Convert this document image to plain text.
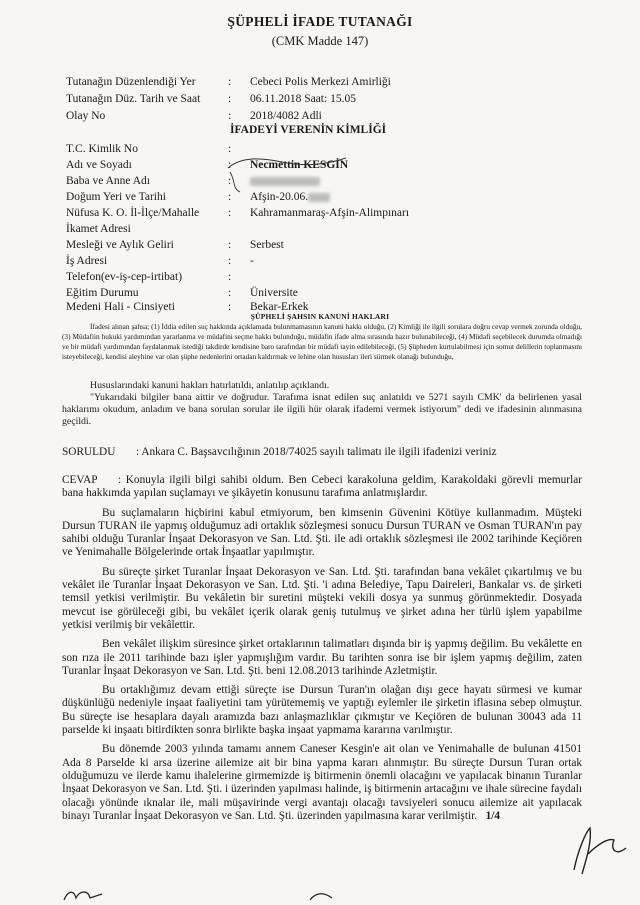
ŞÜPHELİ İFADE TUTANAĞI
(CMK Madde 147)
Tutanağın Düzenlendiği Yer	: Cebeci Polis Merkezi Amirliği
Tutanağın Düz. Tarih ve Saat : 06.11.2018 Saat: 15.05
Olay No	: 2018/4082 Adli
İFADEYİ VERENİN KİMLİĞİ
T.C. Kimlik No	:
Adı ve Soyadı	: Necmettin KESGİN
Baba ve Anne Adı	:
Doğum Yeri ve Tarihi	: Afşin-20.06.
Nüfusa K. O. İl-İlçe/Mahalle	: Kahramanmaraş-Afşin-Alimpınarı
İkamet Adresi
Mesleği ve Aylık Geliri	: Serbest
İş Adresi	: -
Telefon(ev-iş-cep-irtibat)	:
Eğitim Durumu	: Üniversite
Medeni Hali - Cinsiyeti	: Bekar-Erkek
ŞÜPHELİ ŞAHSIN KANUNİ HAKLARI
İfadesi alınan şahsa; (1) İddia edilen suç hakkında açıklamada bulunmamasının kanuni hakkı olduğu, (2) Kimliği ile ilgili sorulara doğru cevap vermek zorunda olduğu, (3) Müdafiin hukuki yardımından yararlanma ve müdafini seçme hakkı bulunduğu, müdafin ifade alma sırasında hazır bulunabileceği, (4) Müdafi seçebilecek durumda olmadığı ve bir müdafi yardımından faydalanmak istediği takdirde kendisine baro tarafından bir müdafi tayin edilebileceği, (5) Şüpheden kurtulabilmesi için somut delillerin toplanmasını isteyebileceği, kendisi aleyhine var olan şüphe nedenlerini ortadan kaldırmak ve lehine olan hususları ileri sürmek olanağı bulunduğu,
Hususlarındaki kanuni hakları hatırlatıldı, anlatılıp açıklandı.
"Yukarıdaki bilgiler bana aittir ve doğrudur. Tarafıma isnat edilen suç anlatıldı ve 5271 sayılı CMK' da belirlenen yasal haklarımı okudum, anladım ve bana sorulan sorular ile ilgili hür olarak ifademi vermek istiyorum" dedi ve ifadesinin alınmasına geçildi.
SORULDU : Ankara C. Başsavcılığının 2018/74025 sayılı talimatı ile ilgili ifadenizi veriniz

CEVAP : Konuyla ilgili bilgi sahibi oldum. Ben Cebeci karakoluna geldim, Karakoldaki görevli memurlar bana hakkımda yapılan suçlamayı ve şikâyetin konusunu tarafıma anlatmışlardır.

Bu suçlamaların hiçbirini kabul etmiyorum, ben kimsenin Güvenini Kötüye kullanmadım. Müşteki Dursun TURAN ile yapmış olduğumuz adi ortaklık sözleşmesi sonucu Dursun TURAN ve Osman TURAN'ın pay sahibi olduğu Turanlar İnşaat Dekorasyon ve San. Ltd. Şti. ile adi ortaklık sözleşmesi ile 2002 tarihinde Keçiören ve Yenimahalle Bölgelerinde ortak İnşaatlar yapılmıştır.

Bu süreçte şirket Turanlar İnşaat Dekorasyon ve San. Ltd. Şti. tarafından bana vekâlet çıkartılmış ve bu vekâlet ile Turanlar İnşaat Dekorasyon ve San. Ltd. Şti. 'i adına Belediye, Tapu Daireleri, Bankalar vs. de şirketi temsil yetkisi verilmiştir. Bu vekâletin bir suretini müşteki vekili dosya ya sunmuş görünmektedir. Dosyada mevcut ise görüleceği gibi, bu vekâlet içerik olarak geniş tutulmuş ve şirket adına her türlü işlem yapabilme yetkisi verilmiş bir vekâlettir.

Ben vekâlet ilişkim süresince şirket ortaklarının talimatları dışında bir iş yapmış değilim. Bu vekâlette en son rıza ile 2011 tarihinde bazı işler yapmışlığım vardır. Bu tarihten sonra ise bir işlem yapmış değilim, zaten Turanlar İnşaat Dekorasyon ve San. Ltd. Şti. beni 12.08.2013 tarihinde Azletmiştir.

Bu ortaklığımız devam ettiği süreçte ise Dursun Turan'ın olağan dışı gece hayatı sürmesi ve kumar düşkünlüğü nedeniyle inşaat faaliyetini tam yürütememiş ve yaptığı eylemler ile şirketin iflasına sebep olmuştur. Bu süreçte ise hesaplara dayalı aramızda bazı anlaşmazlıklar çıkmıştır ve Keçiören de bulunan 30043 ada 11 parselde ki inşaatı bitirdikten sonra birlikte başka inşaat yapmama kararına varılmıştır.

Bu dönemde 2003 yılında tamamı annem Caneser Kesgin'e ait olan ve Yenimahalle de bulunan 41501 Ada 8 Parselde ki arsa üzerine ailemize ait bir bina yapma kararı alınmıştır. Bu süreçte Dursun Turan ortak olduğumuzu ve ilerde kamu ihalelerine girmemizde iş bitirmenin önemli olacağını ve yapılacak binanın Turanlar İnşaat Dekorasyon ve San. Ltd. Şti. i üzerinden yapılması halinde, iş bitirmenin artacağını ve ihale sürecine faydalı olacağı yönünde ıknalar ile, mali müşavirinde vergi avantajı olacağı tavsiyeleri sonucu ailemize ait yapılacak binayı Turanlar İnşaat Dekorasyon ve San. Ltd. Şti. üzerinden yapılmasına karar verilmiştir. 1/4
